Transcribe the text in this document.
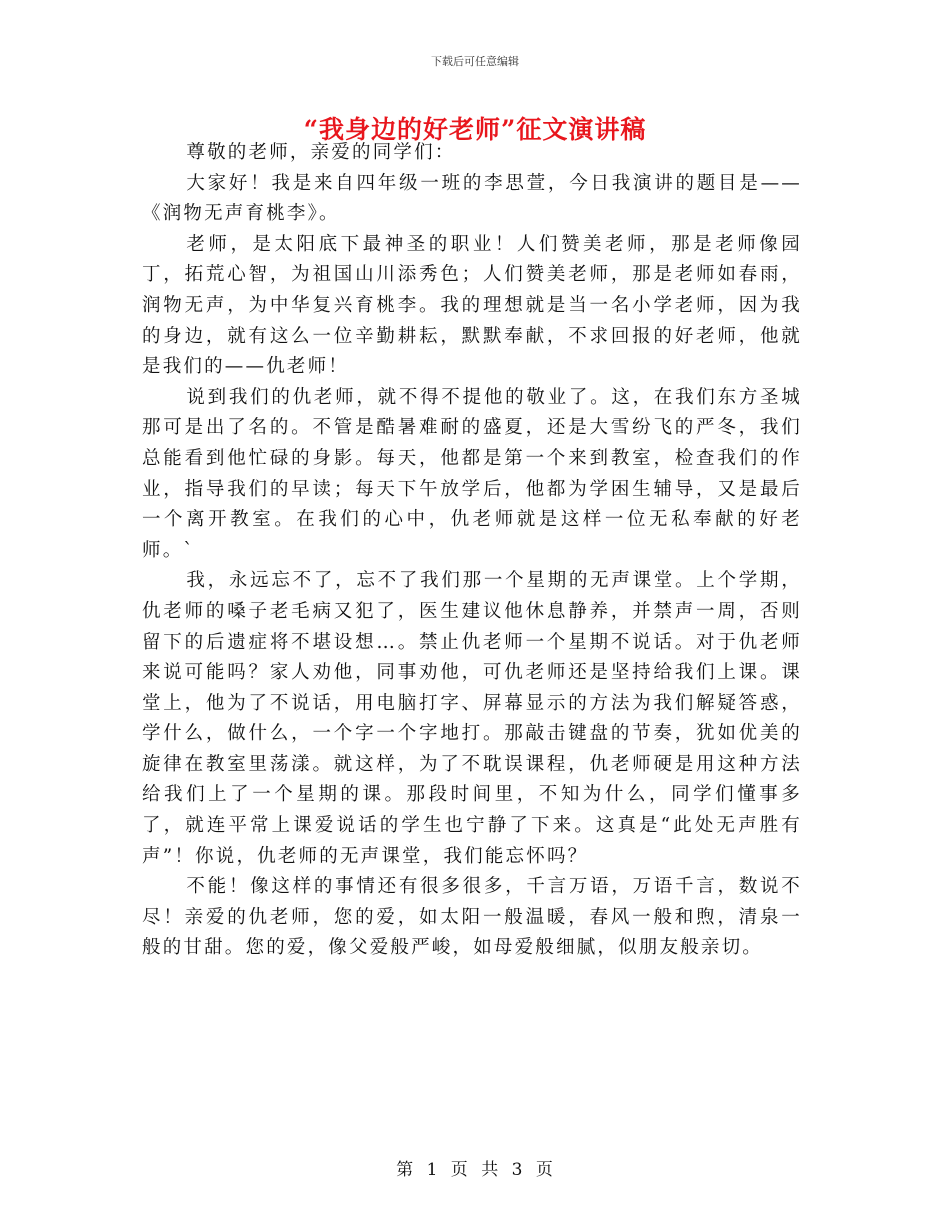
下载后可任意编辑
“我身边的好老师”征文演讲稿

尊敬的老师，亲爱的同学们：

大家好！我是来自四年级一班的李思萱，今日我演讲的题目是——《润物无声育桃李》。

老师，是太阳底下最神圣的职业！人们赞美老师，那是老师像园丁，拓荒心智，为祖国山川添秀色；人们赞美老师，那是老师如春雨，润物无声，为中华复兴育桃李。我的理想就是当一名小学老师，因为我的身边，就有这么一位辛勤耕耘，默默奉献，不求回报的好老师，他就是我们的——仇老师！

说到我们的仇老师，就不得不提他的敬业了。这，在我们东方圣城那可是出了名的。不管是酷暑难耐的盛夏，还是大雪纷飞的严冬，我们总能看到他忙碌的身影。每天，他都是第一个来到教室，检查我们的作业，指导我们的早读；每天下午放学后，他都为学困生辅导，又是最后一个离开教室。在我们的心中，仇老师就是这样一位无私奉献的好老师。`

我，永远忘不了，忘不了我们那一个星期的无声课堂。上个学期，仇老师的嗓子老毛病又犯了，医生建议他休息静养，并禁声一周，否则留下的后遗症将不堪设想…。禁止仇老师一个星期不说话。对于仇老师来说可能吗？家人劝他，同事劝他，可仇老师还是坚持给我们上课。课堂上，他为了不说话，用电脑打字、屏幕显示的方法为我们解疑答惑，学什么，做什么，一个字一个字地打。那敲击键盘的节奏，犹如优美的旋律在教室里荡漾。就这样，为了不耽误课程，仇老师硬是用这种方法给我们上了一个星期的课。那段时间里，不知为什么，同学们懂事多了，就连平常上课爱说话的学生也宁静了下来。这真是“此处无声胜有声”！你说，仇老师的无声课堂，我们能忘怀吗？

不能！像这样的事情还有很多很多，千言万语，万语千言，数说不尽！亲爱的仇老师，您的爱，如太阳一般温暖，春风一般和煦，清泉一般的甘甜。您的爱，像父爱般严峻，如母爱般细腻，似朋友般亲切。

第 1 页 共 3 页
